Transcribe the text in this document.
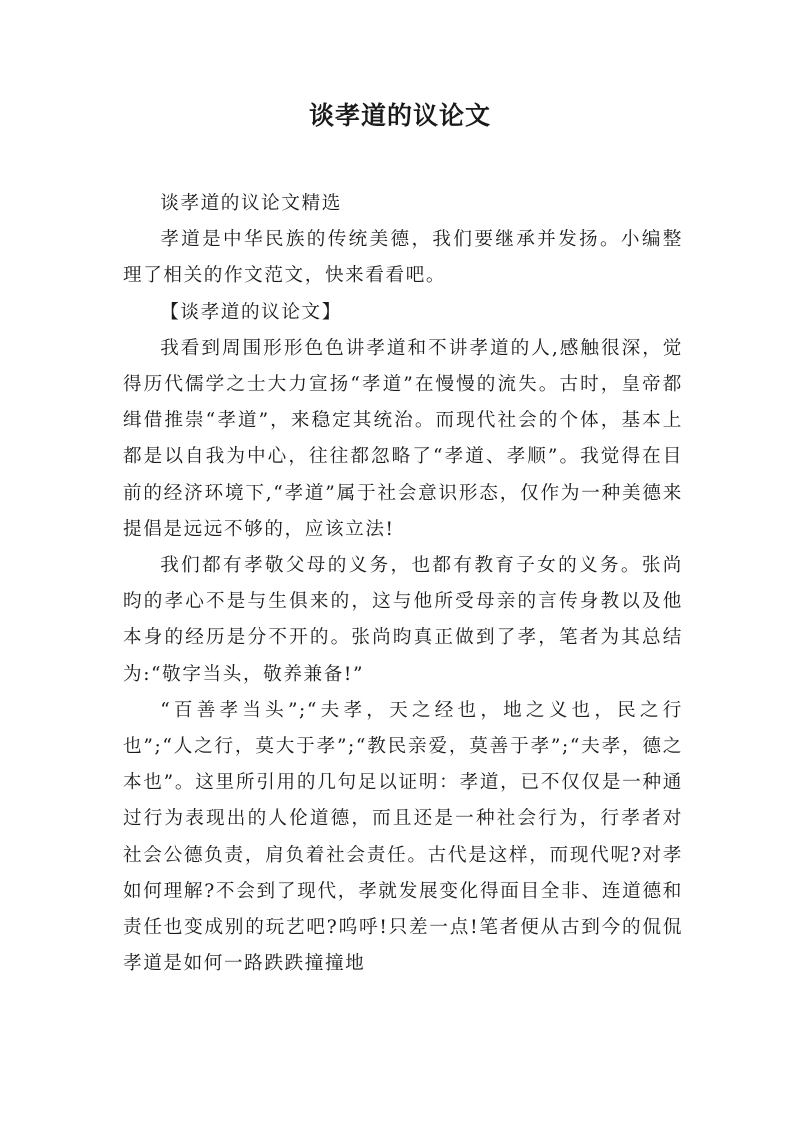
谈孝道的议论文

谈孝道的议论文精选

孝道是中华民族的传统美德，我们要继承并发扬。小编整理了相关的作文范文，快来看看吧。

【谈孝道的议论文】

我看到周围形形色色讲孝道和不讲孝道的人,感触很深，觉得历代儒学之士大力宣扬“孝道”在慢慢的流失。古时，皇帝都缉借推崇“孝道”，来稳定其统治。而现代社会的个体，基本上都是以自我为中心，往往都忽略了“孝道、孝顺”。我觉得在目前的经济环境下,“孝道”属于社会意识形态，仅作为一种美德来提倡是远远不够的，应该立法!

我们都有孝敬父母的义务，也都有教育子女的义务。张尚昀的孝心不是与生俱来的，这与他所受母亲的言传身教以及他本身的经历是分不开的。张尚昀真正做到了孝，笔者为其总结为:“敬字当头，敬养兼备!”

“百善孝当头”;“夫孝，天之经也，地之义也，民之行也”;“人之行，莫大于孝”;“教民亲爱，莫善于孝”;“夫孝，德之本也”。这里所引用的几句足以证明：孝道，已不仅仅是一种通过行为表现出的人伦道德，而且还是一种社会行为，行孝者对社会公德负责，肩负着社会责任。古代是这样，而现代呢?对孝如何理解?不会到了现代，孝就发展变化得面目全非、连道德和责任也变成别的玩艺吧?呜呼!只差一点!笔者便从古到今的侃侃孝道是如何一路跌跌撞撞地
